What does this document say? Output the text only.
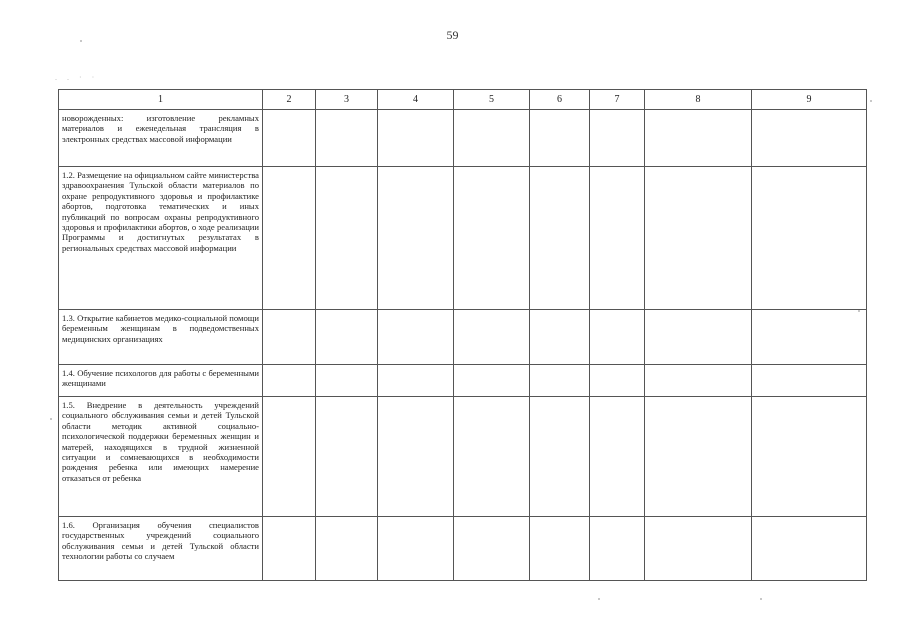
59
. . · ·
1	2	3	4	5	6	7	8	9
новорожденных: изготовление рекламных материалов и еженедельная трансляция в электронных средствах массовой информации								
1.2. Размещение на официальном сайте министерства здравоохранения Тульской области материалов по охране репродуктивного здоровья и профилактике абортов, подготовка тематических и иных публикаций по вопросам охраны репродуктивного здоровья и профилактики абортов, о ходе реализации Программы и достигнутых результатах в региональных средствах массовой информации								
1.3. Открытие кабинетов медико-социальной помощи беременным женщинам в подведомственных медицинских организациях								
1.4. Обучение психологов для работы с беременными женщинами								
1.5. Внедрение в деятельность учреждений социального обслуживания семьи и детей Тульской области методик активной социально-психологической поддержки беременных женщин и матерей, находящихся в трудной жизненной ситуации и сомневающихся в необходимости рождения ребенка или имеющих намерение отказаться от ребенка								
1.6. Организация обучения специалистов государственных учреждений социального обслуживания семьи и детей Тульской области технологии работы со случаем								
